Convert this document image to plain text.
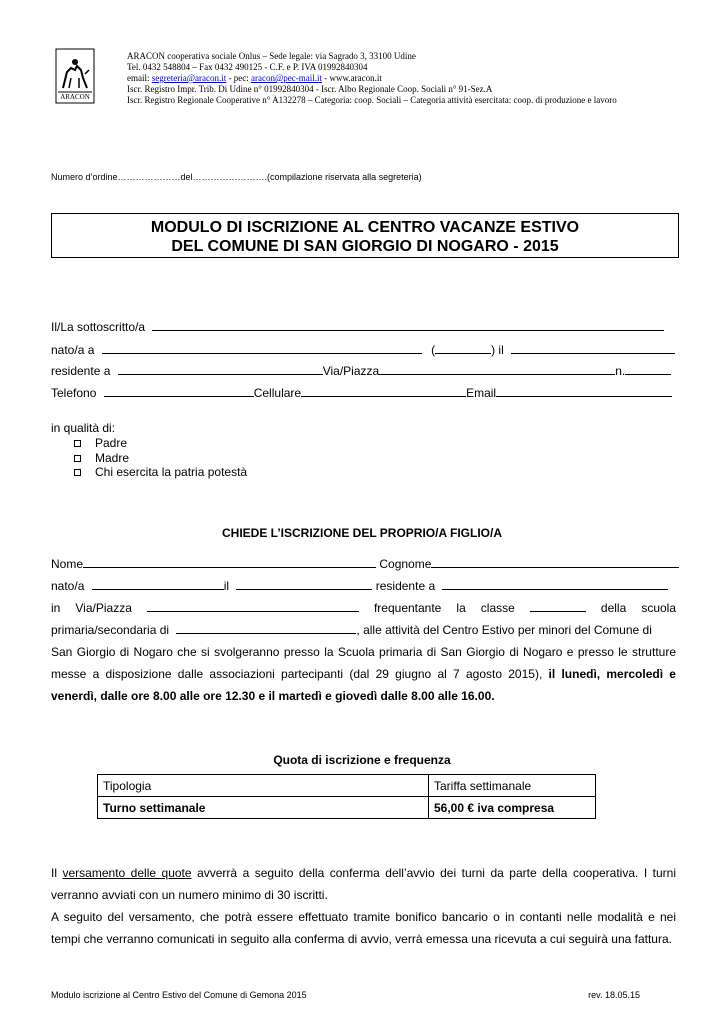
ARACON
ARACON cooperativa sociale Onlus – Sede legale: via Sagrado 3, 33100 Udine
Tel. 0432 548804 – Fax 0432 490125 - C.F. e P. IVA 01992840304
email: segreteria@aracon.it - pec: aracon@pec-mail.it - www.aracon.it
Iscr. Registro Impr. Trib. Di Udine n° 01992840304 - Iscr. Albo Regionale Coop. Sociali n° 91-Sez.A
Iscr. Registro Regionale Cooperative n° A132278 – Categoria: coop. Sociali – Categoria attività esercitata: coop. di produzione e lavoro
Numero d’ordine…………………del…………………….(compilazione riservata alla segreteria)
MODULO DI ISCRIZIONE AL CENTRO VACANZE ESTIVO
DEL COMUNE DI SAN GIORGIO DI NOGARO - 2015
Il/La sottoscritto/a
nato/a a	(	) il
residente a	Via/Piazza	n.
Telefono	Cellulare	Email
in qualità di:
Padre
Madre
Chi esercita la patria potestà
CHIEDE L’ISCRIZIONE DEL PROPRIO/A FIGLIO/A
Nome	Cognome
nato/a	il	residente a
in Via/Piazza	frequentante la classe	della scuola
primaria/secondaria di	, alle attività del Centro Estivo per minori del Comune di
San Giorgio di Nogaro che si svolgeranno presso la Scuola primaria di San Giorgio di Nogaro e presso le strutture
messe a disposizione dalle associazioni partecipanti (dal 29 giugno al 7 agosto 2015), il lunedì, mercoledì e
venerdì, dalle ore 8.00 alle ore 12.30 e il martedì e giovedì dalle 8.00 alle 16.00.
Quota di iscrizione e frequenza
Tipologia	Tariffa settimanale
Turno settimanale	56,00 € iva compresa
Il versamento delle quote avverrà a seguito della conferma dell’avvio dei turni da parte della cooperativa. I turni verranno avviati con un numero minimo di 30 iscritti.
A seguito del versamento, che potrà essere effettuato tramite bonifico bancario o in contanti nelle modalità e nei tempi che verranno comunicati in seguito alla conferma di avvio, verrà emessa una ricevuta a cui seguirà una fattura.
Modulo iscrizione al Centro Estivo del Comune di Gemona 2015	rev. 18.05.15
